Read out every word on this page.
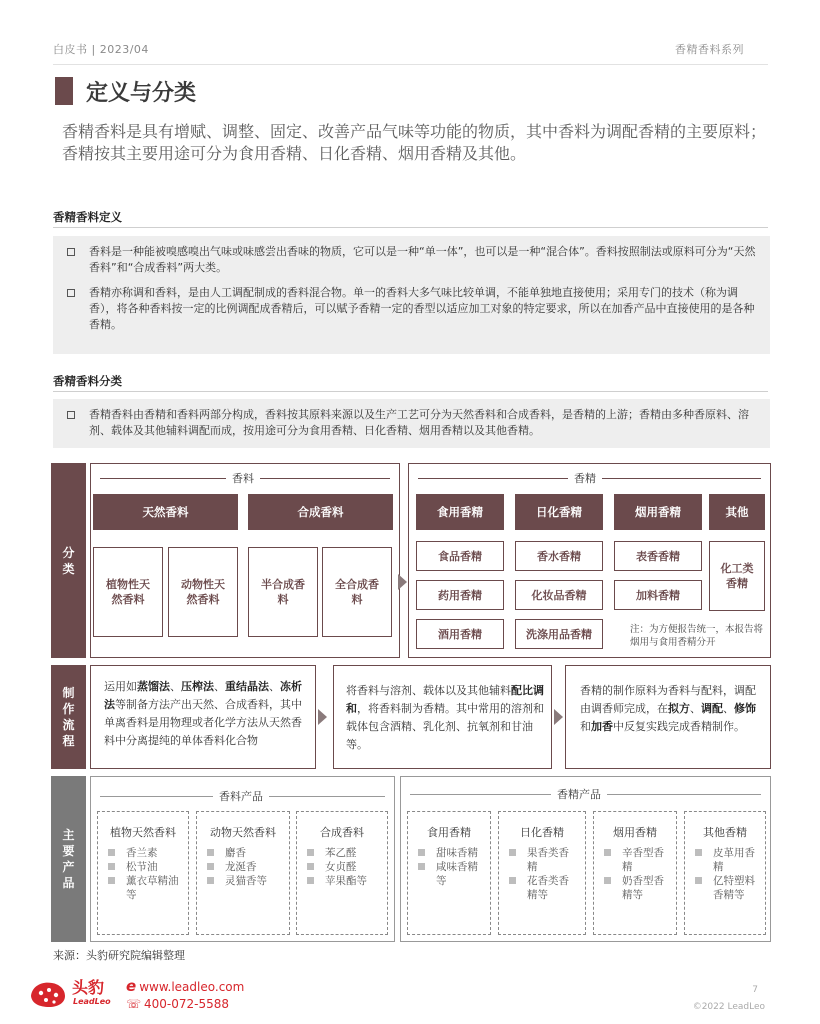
白皮书 | 2023/04	香精香料系列
定义与分类
香精香料是具有增赋、调整、固定、改善产品气味等功能的物质，其中香料为调配香精的主要原料；香精按其主要用途可分为食用香精、日化香精、烟用香精及其他。
香精香料定义
香料是一种能被嗅感嗅出气味或味感尝出香味的物质，它可以是一种“单一体”，也可以是一种“混合体”。香料按照制法或原料可分为“天然香料”和“合成香料”两大类。
香精亦称调和香料，是由人工调配制成的香料混合物。单一的香料大多气味比较单调，不能单独地直接使用；采用专门的技术（称为调香），将各种香料按一定的比例调配成香精后，可以赋予香精一定的香型以适应加工对象的特定要求，所以在加香产品中直接使用的是各种香精。
香精香料分类
香精香料由香精和香料两部分构成，香料按其原料来源以及生产工艺可分为天然香料和合成香料，是香精的上游；香精由多种香原料、溶剂、载体及其他辅料调配而成，按用途可分为食用香精、日化香精、烟用香精以及其他香精。
分类
香料
天然香料	合成香料
植物性天然香料
动物性天然香料
半合成香料
全合成香料
香精
食用香精	日化香精	烟用香精	其他
食品香精
药用香精
酒用香精
香水香精
化妆品香精
洗涤用品香精
表香香精
加料香精
化工类香精
注：为方便报告统一，本报告将烟用与食用香精分开
制作流程
运用如蒸馏法、压榨法、重结晶法、冻析法等制备方法产出天然、合成香料，其中单离香料是用物理或者化学方法从天然香料中分离提纯的单体香料化合物
将香料与溶剂、载体以及其他辅料配比调和，将香料制为香精。其中常用的溶剂和载体包含酒精、乳化剂、抗氧剂和甘油等。
香精的制作原料为香料与配料，调配由调香师完成，在拟方、调配、修饰和加香中反复实践完成香精制作。
主要产品
香料产品
植物天然香料
香兰素
松节油
薰衣草精油等
动物天然香料
麝香
龙涎香
灵猫香等
合成香料
苯乙醛
女贞醛
苹果酯等
香精产品
食用香精
甜味香精
咸味香精等
日化香精
果香类香精
花香类香精等
烟用香精
辛香型香精
奶香型香精等
其他香精
皮革用香精
亿特塑料香精等
来源：头豹研究院编辑整理
头豹
LeadLeo
e www.leadleo.com
☏ 400-072-5588
7
©2022 LeadLeo
